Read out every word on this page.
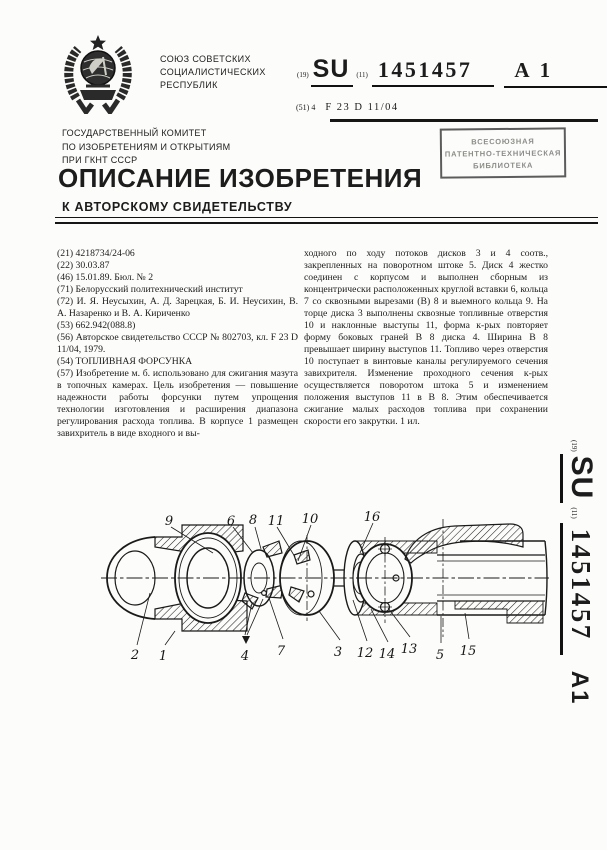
СОЮЗ СОВЕТСКИХ
СОЦИАЛИСТИЧЕСКИХ
РЕСПУБЛИК
(19) SU	(11) 1451457	A 1
(51) 4 F 23 D 11/04
ГОСУДАРСТВЕННЫЙ КОМИТЕТ
ПО ИЗОБРЕТЕНИЯМ И ОТКРЫТИЯМ
ПРИ ГКНТ СССР
ВСЕСОЮЗНАЯ
ПАТЕНТНО-ТЕХНИЧЕСКАЯ
БИБЛИОТЕКА
ОПИСАНИЕ ИЗОБРЕТЕНИЯ
К АВТОРСКОМУ СВИДЕТЕЛЬСТВУ
(21) 4218734/24-06
(22) 30.03.87
(46) 15.01.89. Бюл. № 2
(71) Белорусский политехнический институт
(72) И. Я. Неусыхин, А. Д. Зарецкая, Б. И. Неусихин, В. А. Назаренко и В. А. Кириченко
(53) 662.942(088.8)
(56) Авторское свидетельство СССР № 802703, кл. F 23 D 11/04, 1979.
(54) ТОПЛИВНАЯ ФОРСУНКА
(57) Изобретение м. б. использовано для сжигания мазута в топочных камерах. Цель изобретения — повышение надежности работы форсунки путем упрощения технологии изготовления и расширения диапазона регулирования расхода топлива. В корпусе 1 размещен завихритель в виде входного и вы-
ходного по ходу потоков дисков 3 и 4 соотв., закрепленных на поворотном штоке 5. Диск 4 жестко соединен с корпусом и выполнен сборным из концентрически расположенных круглой вставки 6, кольца 7 со сквозными вырезами (В) 8 и выемного кольца 9. На торце диска 3 выполнены сквозные топливные отверстия 10 и наклонные выступы 11, форма к-рых повторяет форму боковых граней В 8 диска 4. Ширина В 8 превышает ширину выступов 11. Топливо через отверстия 10 поступает в винтовые каналы регулируемого сечения завихрителя. Изменение проходного сечения к-рых осуществляется поворотом штока 5 и изменением положения выступов 11 в В 8. Этим обеспечивается сжигание малых расходов топлива при сохранении скорости его закрутки. 1 ил.
9	6 8 11 10	16
2 1	4 7	3 12 14 13 5 15
(19)
SU
(11)
1451457
A1
